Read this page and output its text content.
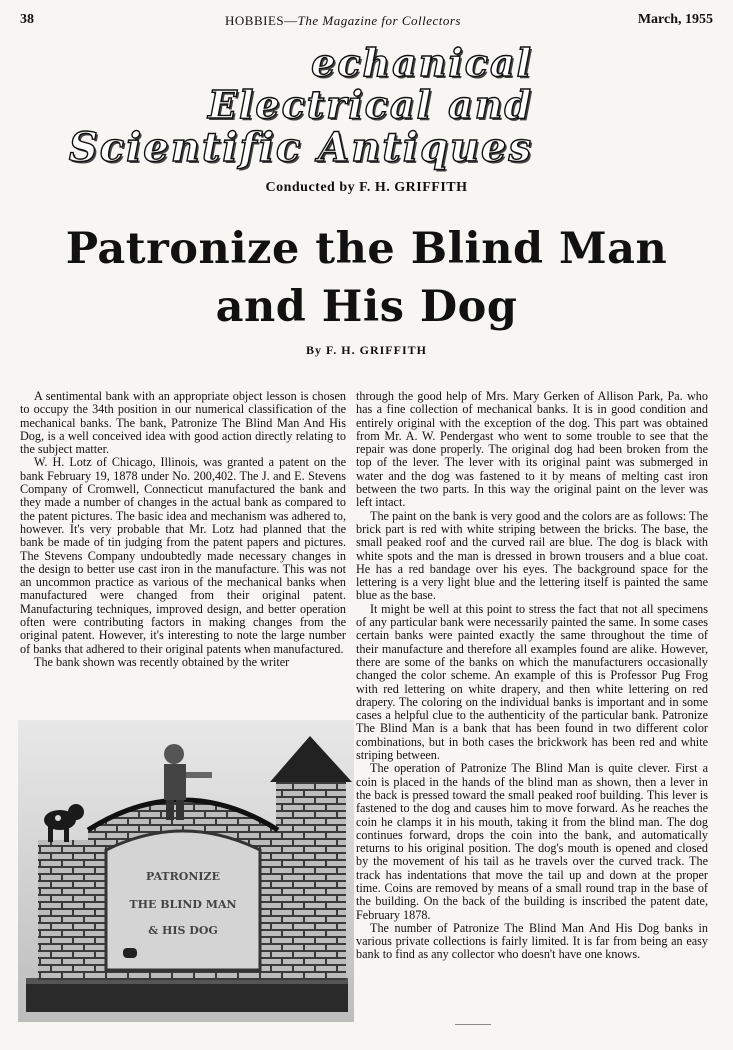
38	HOBBIES—The Magazine for Collectors	March, 1955
echanical
Electrical and
Scientific Antiques
Conducted by F. H. GRIFFITH
Patronize the Blind Man
and His Dog
By F. H. GRIFFITH

A sentimental bank with an appropriate object lesson is chosen to occupy the 34th position in our numerical classification of the mechanical banks. The bank, Patronize The Blind Man And His Dog, is a well conceived idea with good action directly relating to the subject matter.

W. H. Lotz of Chicago, Illinois, was granted a patent on the bank February 19, 1878 under No. 200,402. The J. and E. Stevens Company of Cromwell, Connecticut manufactured the bank and they made a number of changes in the actual bank as compared to the patent pictures. The basic idea and mechanism was adhered to, however. It's very probable that Mr. Lotz had planned that the bank be made of tin judging from the patent papers and pictures. The Stevens Company undoubtedly made necessary changes in the design to better use cast iron in the manufacture. This was not an uncommon practice as various of the mechanical banks when manufactured were changed from their original patent. Manufacturing techniques, improved design, and better operation often were contributing factors in making changes from the original patent. However, it's interesting to note the large number of banks that adhered to their original patents when manufactured.

The bank shown was recently obtained by the writer

through the good help of Mrs. Mary Gerken of Allison Park, Pa. who has a fine collection of mechanical banks. It is in good condition and entirely original with the exception of the dog. This part was obtained from Mr. A. W. Pendergast who went to some trouble to see that the repair was done properly. The original dog had been broken from the top of the lever. The lever with its original paint was submerged in water and the dog was fastened to it by means of melting cast iron between the two parts. In this way the original paint on the lever was left intact.

The paint on the bank is very good and the colors are as follows: The brick part is red with white striping between the bricks. The base, the small peaked roof and the curved rail are blue. The dog is black with white spots and the man is dressed in brown trousers and a blue coat. He has a red bandage over his eyes. The background space for the lettering is a very light blue and the lettering itself is painted the same blue as the base.

It might be well at this point to stress the fact that not all specimens of any particular bank were necessarily painted the same. In some cases certain banks were painted exactly the same throughout the time of their manufacture and therefore all examples found are alike. However, there are some of the banks on which the manufacturers occasionally changed the color scheme. An example of this is Professor Pug Frog with red lettering on white drapery, and then white lettering on red drapery. The coloring on the individual banks is important and in some cases a helpful clue to the authenticity of the particular bank. Patronize The Blind Man is a bank that has been found in two different color combinations, but in both cases the brickwork has been red and white striping between.

The operation of Patronize The Blind Man is quite clever. First a coin is placed in the hands of the blind man as shown, then a lever in the back is pressed toward the small peaked roof building. This lever is fastened to the dog and causes him to move forward. As he reaches the coin he clamps it in his mouth, taking it from the blind man. The dog continues forward, drops the coin into the bank, and automatically returns to his original position. The dog's mouth is opened and closed by the movement of his tail as he travels over the curved track. The track has indentations that move the tail up and down at the proper time. Coins are removed by means of a small round trap in the base of the building. On the back of the building is inscribed the patent date, February 1878.

The number of Patronize The Blind Man And His Dog banks in various private collections is fairly limited. It is far from being an easy bank to find as any collector who doesn't have one knows.

PATRONIZE
THE BLIND MAN
& HIS DOG
